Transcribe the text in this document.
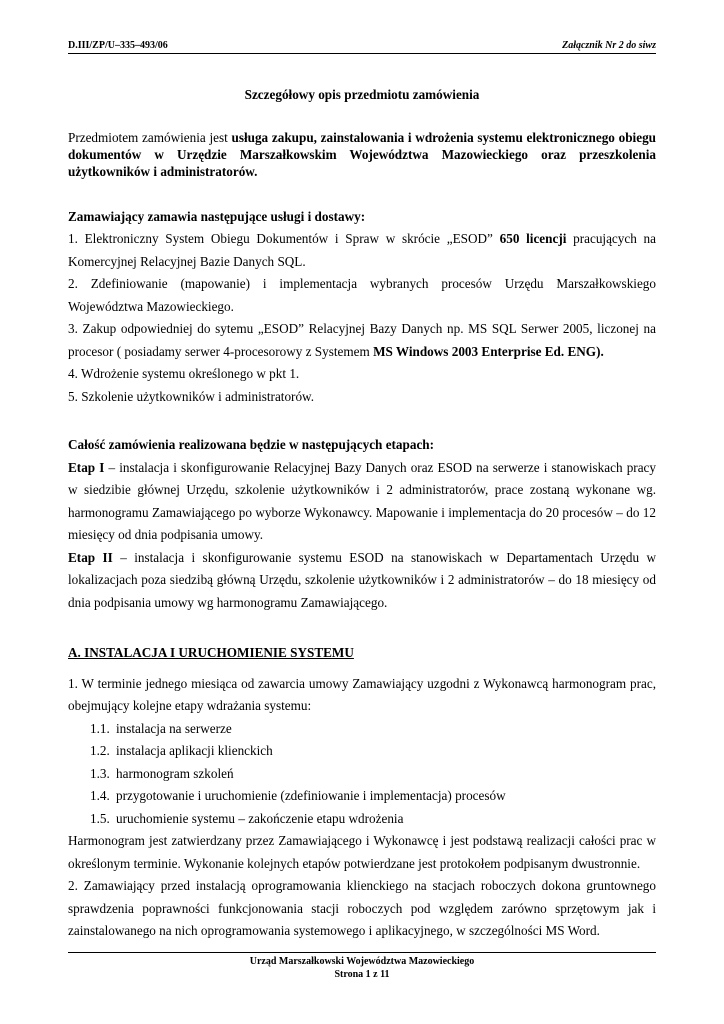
D.III/ZP/U–335–493/06	Załącznik Nr 2 do siwz

Szczegółowy opis przedmiotu zamówienia

Przedmiotem zamówienia jest usługa zakupu, zainstalowania i wdrożenia systemu elektronicznego obiegu dokumentów w Urzędzie Marszałkowskim Województwa Mazowieckiego oraz przeszkolenia użytkowników i administratorów.

Zamawiający zamawia następujące usługi i dostawy:

1. Elektroniczny System Obiegu Dokumentów i Spraw w skrócie „ESOD” 650 licencji pracujących na Komercyjnej Relacyjnej Bazie Danych SQL.

2. Zdefiniowanie (mapowanie) i implementacja wybranych procesów Urzędu Marszałkowskiego Województwa Mazowieckiego.

3. Zakup odpowiedniej do sytemu „ESOD” Relacyjnej Bazy Danych np. MS SQL Serwer 2005, liczonej na procesor ( posiadamy serwer 4-procesorowy z Systemem MS Windows 2003 Enterprise Ed. ENG).

4. Wdrożenie systemu określonego w pkt 1.

5. Szkolenie użytkowników i administratorów.

Całość zamówienia realizowana będzie w następujących etapach:

Etap I – instalacja i skonfigurowanie Relacyjnej Bazy Danych oraz ESOD na serwerze i stanowiskach pracy w siedzibie głównej Urzędu, szkolenie użytkowników i 2 administratorów, prace zostaną wykonane wg. harmonogramu Zamawiającego po wyborze Wykonawcy. Mapowanie i implementacja do 20 procesów – do 12 miesięcy od dnia podpisania umowy.

Etap II – instalacja i skonfigurowanie systemu ESOD na stanowiskach w Departamentach Urzędu w lokalizacjach poza siedzibą główną Urzędu, szkolenie użytkowników i 2 administratorów – do 18 miesięcy od dnia podpisania umowy wg harmonogramu Zamawiającego.

A. INSTALACJA I URUCHOMIENIE SYSTEMU

1. W terminie jednego miesiąca od zawarcia umowy Zamawiający uzgodni z Wykonawcą harmonogram prac, obejmujący kolejne etapy wdrażania systemu:

1.1. instalacja na serwerze

1.2. instalacja aplikacji klienckich

1.3. harmonogram szkoleń

1.4. przygotowanie i uruchomienie (zdefiniowanie i implementacja) procesów

1.5. uruchomienie systemu – zakończenie etapu wdrożenia

Harmonogram jest zatwierdzany przez Zamawiającego i Wykonawcę i jest podstawą realizacji całości prac w określonym terminie. Wykonanie kolejnych etapów potwierdzane jest protokołem podpisanym dwustronnie.

2. Zamawiający przed instalacją oprogramowania klienckiego na stacjach roboczych dokona gruntownego sprawdzenia poprawności funkcjonowania stacji roboczych pod względem zarówno sprzętowym jak i zainstalowanego na nich oprogramowania systemowego i aplikacyjnego, w szczególności MS Word.

Urząd Marszałkowski Województwa Mazowieckiego
Strona 1 z 11
